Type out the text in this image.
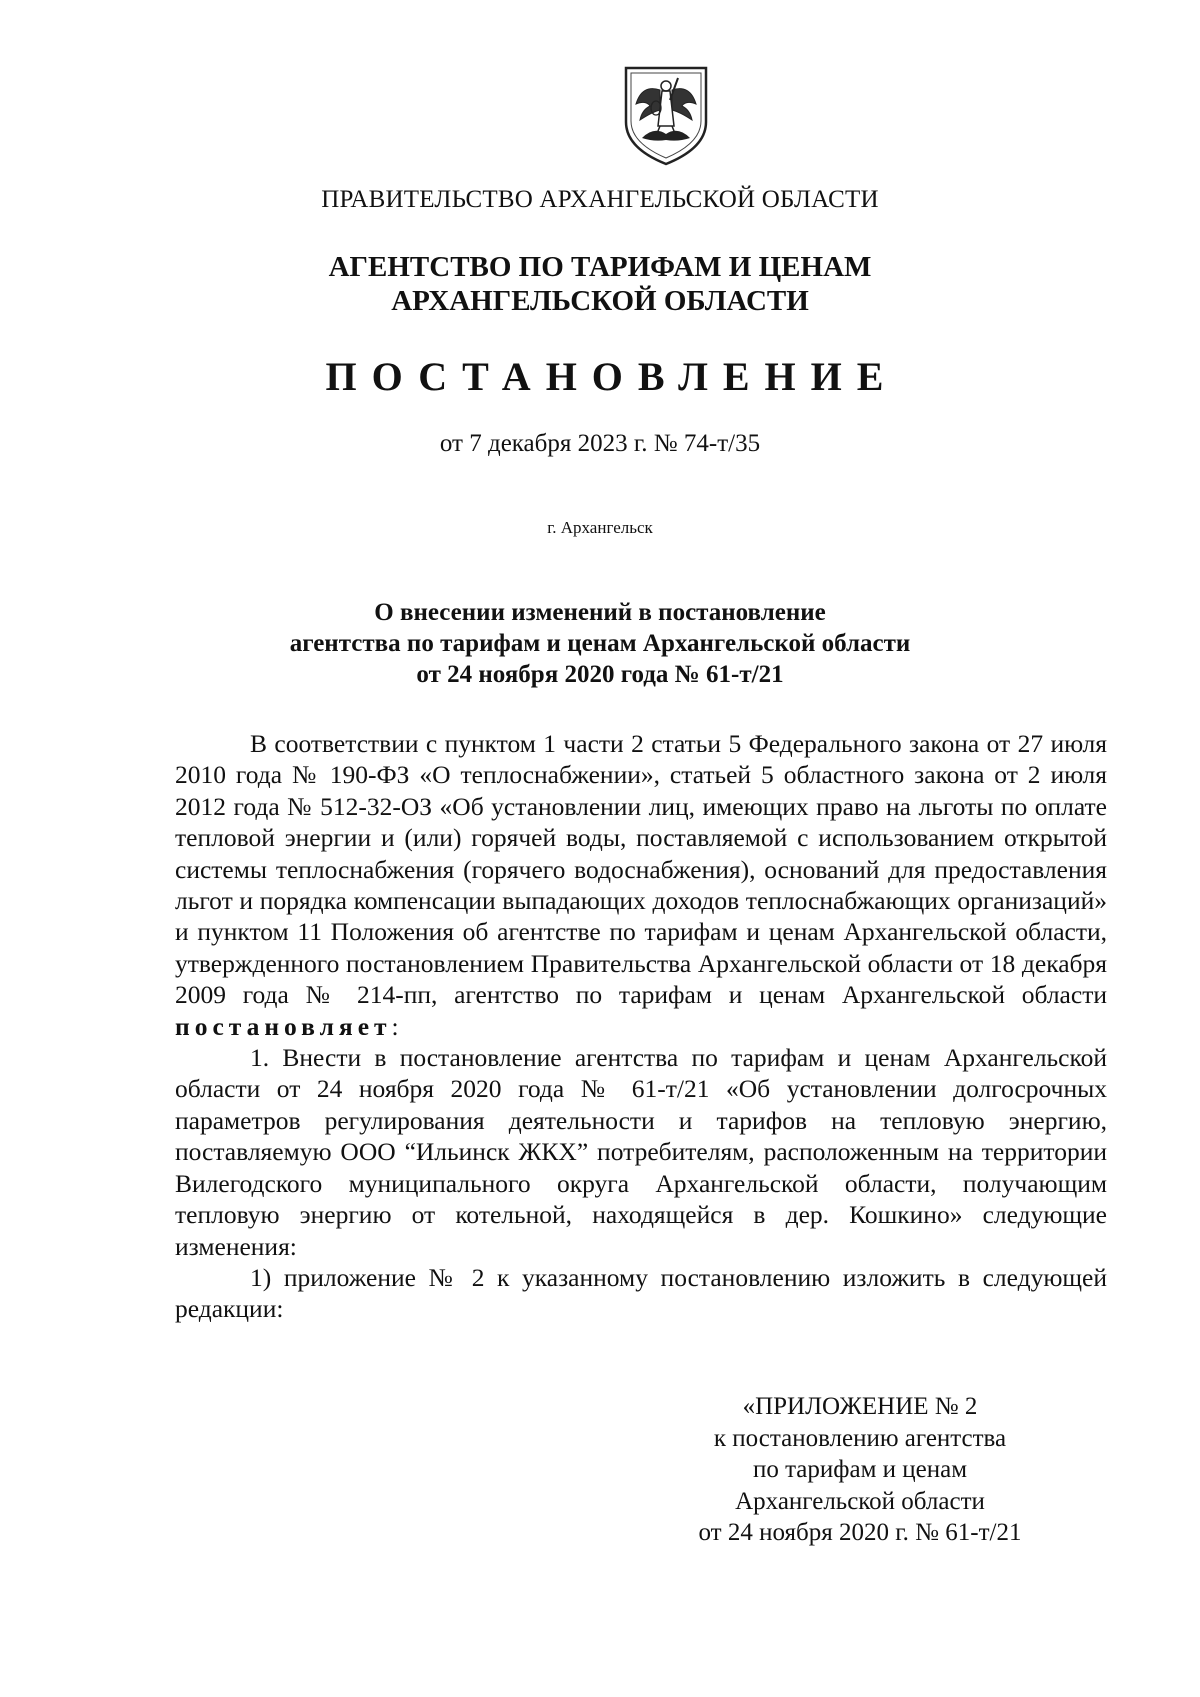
ПРАВИТЕЛЬСТВО АРХАНГЕЛЬСКОЙ ОБЛАСТИ
АГЕНТСТВО ПО ТАРИФАМ И ЦЕНАМ
АРХАНГЕЛЬСКОЙ ОБЛАСТИ
ПОСТАНОВЛЕНИЕ
от 7 декабря 2023 г. № 74-т/35
г. Архангельск
О внесении изменений в постановление
агентства по тарифам и ценам Архангельской области
от 24 ноября 2020 года № 61-т/21

В соответствии с пунктом 1 части 2 статьи 5 Федерального закона от 27 июля 2010 года № 190-ФЗ «О теплоснабжении», статьей 5 областного закона от 2 июля 2012 года № 512-32-ОЗ «Об установлении лиц, имеющих право на льготы по оплате тепловой энергии и (или) горячей воды, поставляемой с использованием открытой системы теплоснабжения (горячего водоснабжения), оснований для предоставления льгот и порядка компенсации выпадающих доходов теплоснабжающих организаций» и пунктом 11 Положения об агентстве по тарифам и ценам Архангельской области, утвержденного постановлением Правительства Архангельской области от 18 декабря 2009 года № 214-пп, агентство по тарифам и ценам Архангельской области постановляет:

1. Внести в постановление агентства по тарифам и ценам Архангельской области от 24 ноября 2020 года № 61-т/21 «Об установлении долгосрочных параметров регулирования деятельности и тарифов на тепловую энергию, поставляемую ООО “Ильинск ЖКХ” потребителям, расположенным на территории Вилегодского муниципального округа Архангельской области, получающим тепловую энергию от котельной, находящейся в дер. Кошкино» следующие изменения:

1) приложение № 2 к указанному постановлению изложить в следующей редакции:

«ПРИЛОЖЕНИЕ № 2
к постановлению агентства
по тарифам и ценам
Архангельской области
от 24 ноября 2020 г. № 61-т/21
